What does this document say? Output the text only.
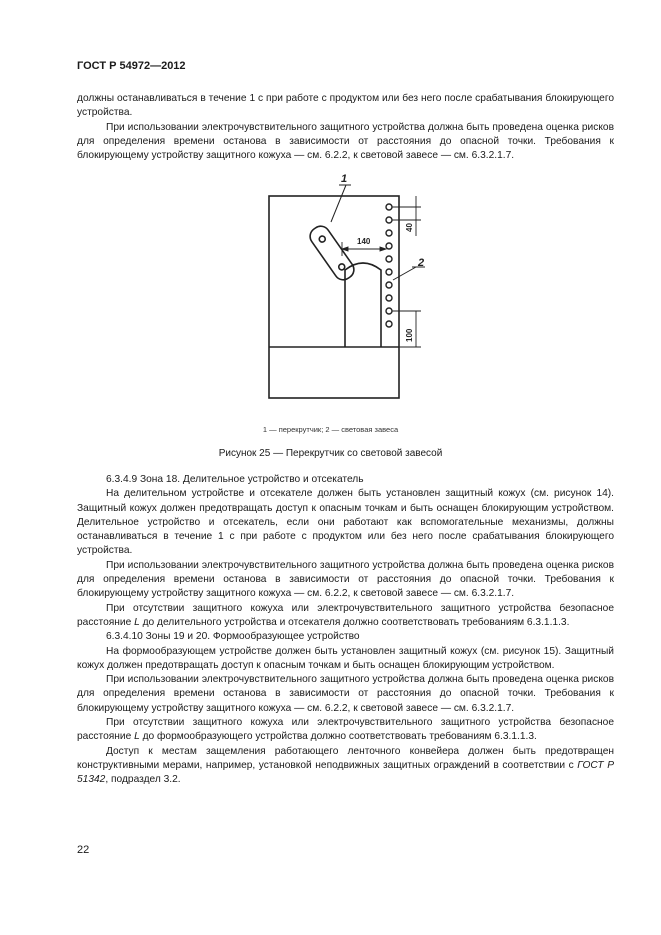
ГОСТ Р 54972—2012

должны останавливаться в течение 1 с при работе с продуктом или без него после срабатывания блокирующего устройства.

При использовании электрочувствительного защитного устройства должна быть проведена оценка рисков для определения времени останова в зависимости от расстояния до опасной точки. Требования к блокирующему устройству защитного кожуха — см. 6.2.2, к световой завесе — см. 6.3.2.1.7.

1
2
140
40
100
1 — перекрутчик; 2 — световая завеса
Рисунок 25 — Перекрутчик со световой завесой

6.3.4.9 Зона 18. Делительное устройство и отсекатель

На делительном устройстве и отсекателе должен быть установлен защитный кожух (см. рисунок 14). Защитный кожух должен предотвращать доступ к опасным точкам и быть оснащен блокирующим устройством. Делительное устройство и отсекатель, если они работают как вспомогательные механизмы, должны останавливаться в течение 1 с при работе с продуктом или без него после срабатывания блокирующего устройства.

При использовании электрочувствительного защитного устройства должна быть проведена оценка рисков для определения времени останова в зависимости от расстояния до опасной точки. Требования к блокирующему устройству защитного кожуха — см. 6.2.2, к световой завесе — см. 6.3.2.1.7.

При отсутствии защитного кожуха или электрочувствительного защитного устройства безопасное расстояние L до делительного устройства и отсекателя должно соответствовать требованиям 6.3.1.1.3.

6.3.4.10 Зоны 19 и 20. Формообразующее устройство

На формообразующем устройстве должен быть установлен защитный кожух (см. рисунок 15). Защитный кожух должен предотвращать доступ к опасным точкам и быть оснащен блокирующим устройством.

При использовании электрочувствительного защитного устройства должна быть проведена оценка рисков для определения времени останова в зависимости от расстояния до опасной точки. Требования к блокирующему устройству защитного кожуха — см. 6.2.2, к световой завесе — см. 6.3.2.1.7.

При отсутствии защитного кожуха или электрочувствительного защитного устройства безопасное расстояние L до формообразующего устройства должно соответствовать требованиям 6.3.1.1.3.

Доступ к местам защемления работающего ленточного конвейера должен быть предотвращен конструктивными мерами, например, установкой неподвижных защитных ограждений в соответствии с ГОСТ Р 51342, подраздел 3.2.

22
